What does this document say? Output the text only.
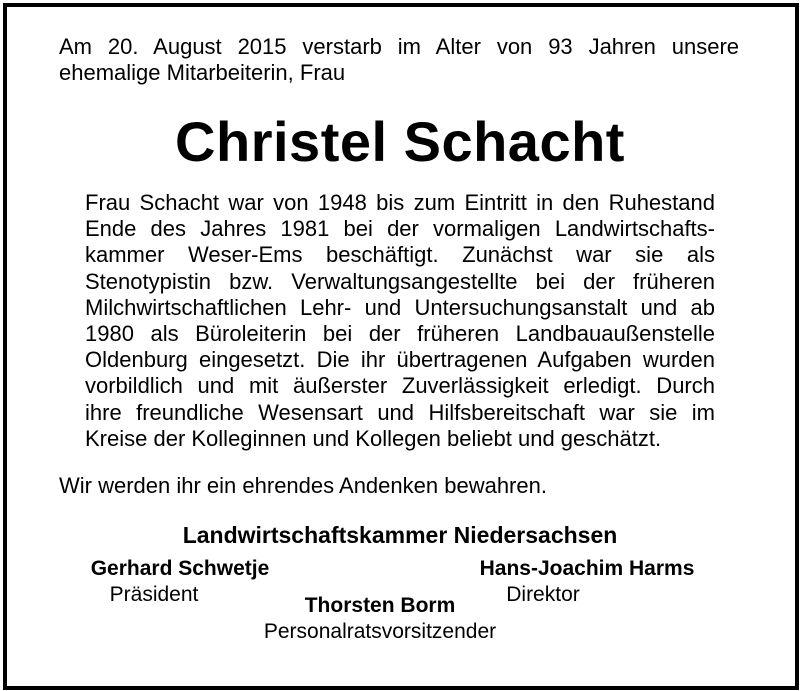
Am 20. August 2015 verstarb im Alter von 93 Jahren unsere
ehemalige Mitarbeiterin, Frau
Christel Schacht
Frau Schacht war von 1948 bis zum Eintritt in den Ruhestand
Ende des Jahres 1981 bei der vormaligen Landwirtschafts-
kammer Weser-Ems beschäftigt. Zunächst war sie als
Stenotypistin bzw. Verwaltungsangestellte bei der früheren
Milchwirtschaftlichen Lehr- und Untersuchungsanstalt und ab
1980 als Büroleiterin bei der früheren Landbauaußenstelle
Oldenburg eingesetzt. Die ihr übertragenen Aufgaben wurden
vorbildlich und mit äußerster Zuverlässigkeit erledigt. Durch
ihre freundliche Wesensart und Hilfsbereitschaft war sie im
Kreise der Kolleginnen und Kollegen beliebt und geschätzt.
Wir werden ihr ein ehrendes Andenken bewahren.
Landwirtschaftskammer Niedersachsen
Gerhard Schwetje
Präsident
Hans-Joachim Harms
Direktor
Thorsten Borm
Personalratsvorsitzender
